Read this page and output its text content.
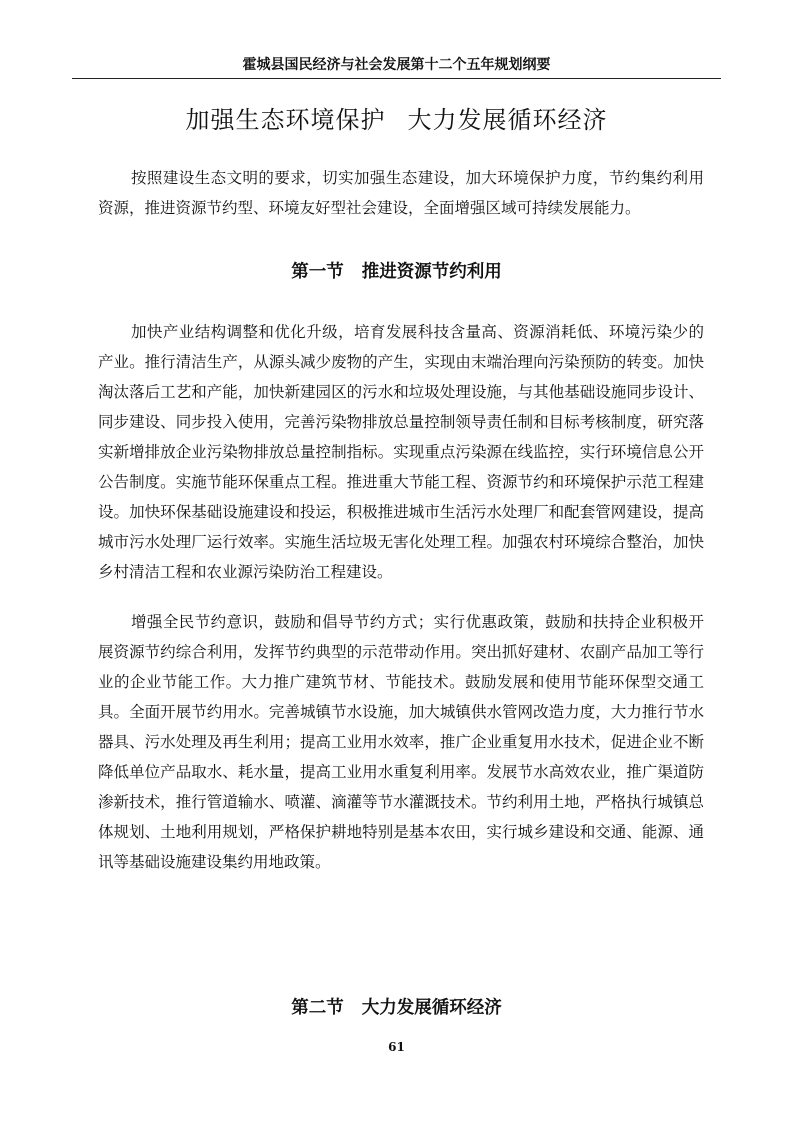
霍城县国民经济与社会发展第十二个五年规划纲要
加强生态环境保护 大力发展循环经济

按照建设生态文明的要求，切实加强生态建设，加大环境保护力度，节约集约利用资源，推进资源节约型、环境友好型社会建设，全面增强区域可持续发展能力。

第一节 推进资源节约利用

加快产业结构调整和优化升级，培育发展科技含量高、资源消耗低、环境污染少的产业。推行清洁生产，从源头减少废物的产生，实现由末端治理向污染预防的转变。加快淘汰落后工艺和产能，加快新建园区的污水和垃圾处理设施，与其他基础设施同步设计、同步建设、同步投入使用，完善污染物排放总量控制领导责任制和目标考核制度，研究落实新增排放企业污染物排放总量控制指标。实现重点污染源在线监控，实行环境信息公开公告制度。实施节能环保重点工程。推进重大节能工程、资源节约和环境保护示范工程建设。加快环保基础设施建设和投运，积极推进城市生活污水处理厂和配套管网建设，提高城市污水处理厂运行效率。实施生活垃圾无害化处理工程。加强农村环境综合整治，加快乡村清洁工程和农业源污染防治工程建设。

增强全民节约意识，鼓励和倡导节约方式；实行优惠政策，鼓励和扶持企业积极开展资源节约综合利用，发挥节约典型的示范带动作用。突出抓好建材、农副产品加工等行业的企业节能工作。大力推广建筑节材、节能技术。鼓励发展和使用节能环保型交通工具。全面开展节约用水。完善城镇节水设施，加大城镇供水管网改造力度，大力推行节水器具、污水处理及再生利用；提高工业用水效率，推广企业重复用水技术，促进企业不断降低单位产品取水、耗水量，提高工业用水重复利用率。发展节水高效农业，推广渠道防渗新技术，推行管道输水、喷灌、滴灌等节水灌溉技术。节约利用土地，严格执行城镇总体规划、土地利用规划，严格保护耕地特别是基本农田，实行城乡建设和交通、能源、通讯等基础设施建设集约用地政策。

第二节 大力发展循环经济
61
